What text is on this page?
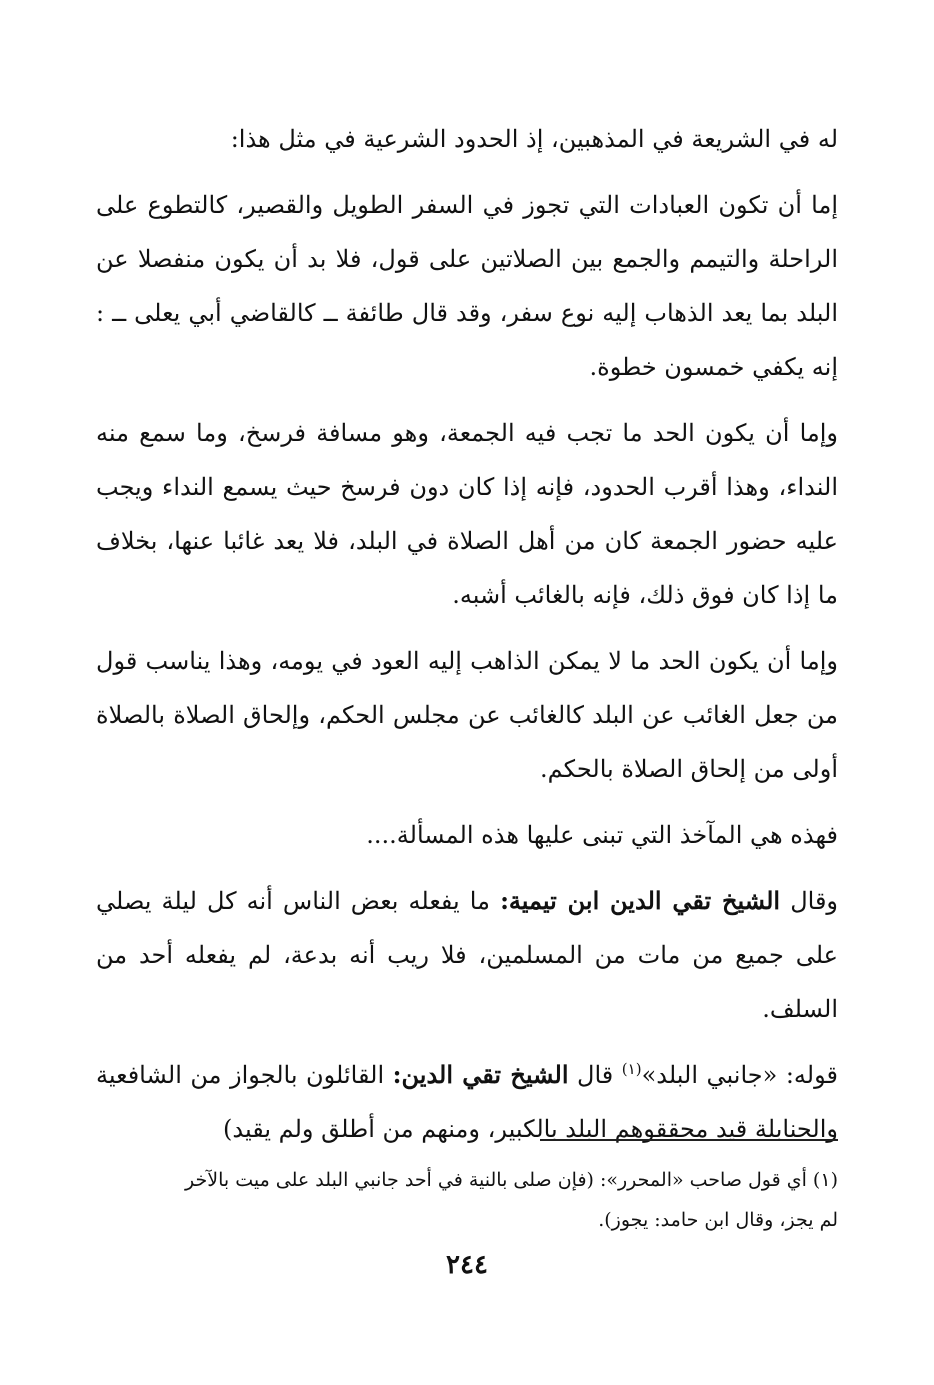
له في الشريعة في المذهبين، إذ الحدود الشرعية في مثل هذا:

إما أن تكون العبادات التي تجوز في السفر الطويل والقصير، كالتطوع على الراحلة والتيمم والجمع بين الصلاتين على قول، فلا بد أن يكون منفصلا عن البلد بما يعد الذهاب إليه نوع سفر، وقد قال طائفة ــ كالقاضي أبي يعلى ــ : إنه يكفي خمسون خطوة.

وإما أن يكون الحد ما تجب فيه الجمعة، وهو مسافة فرسخ، وما سمع منه النداء، وهذا أقرب الحدود، فإنه إذا كان دون فرسخ حيث يسمع النداء ويجب عليه حضور الجمعة كان من أهل الصلاة في البلد، فلا يعد غائبا عنها، بخلاف ما إذا كان فوق ذلك، فإنه بالغائب أشبه.

وإما أن يكون الحد ما لا يمكن الذاهب إليه العود في يومه، وهذا يناسب قول من جعل الغائب عن البلد كالغائب عن مجلس الحكم، وإلحاق الصلاة بالصلاة أولى من إلحاق الصلاة بالحكم.

فهذه هي المآخذ التي تبنى عليها هذه المسألة....

وقال الشيخ تقي الدين ابن تيمية: ما يفعله بعض الناس أنه كل ليلة يصلي على جميع من مات من المسلمين، فلا ريب أنه بدعة، لم يفعله أحد من السلف.

قوله: «جانبي البلد»$^{(١)}$ قال الشيخ تقي الدين: القائلون بالجواز من الشافعية والحنابلة قيد محققوهم البلد بالكبير، ومنهم من أطلق ولم يقيد)

(١) أي قول صاحب «المحرر»: (فإن صلى بالنية في أحد جانبي البلد على ميت بالآخر
لم يجز، وقال ابن حامد: يجوز).
٢٤٤
